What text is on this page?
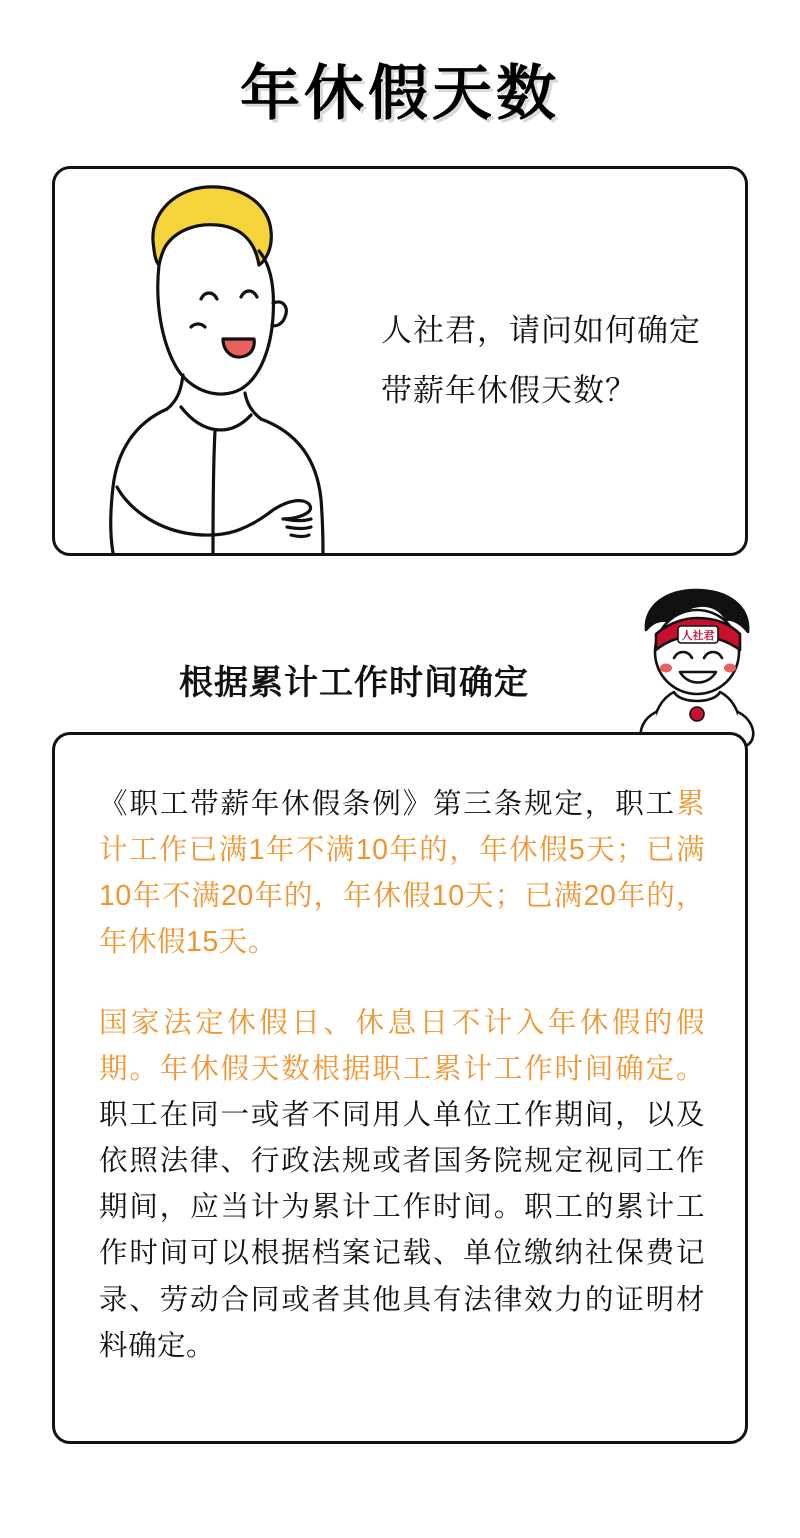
年休假天数
人社君，请问如何确定带薪年休假天数？
根据累计工作时间确定
人社君

《职工带薪年休假条例》第三条规定，职工累计工作已满1年不满10年的，年休假5天；已满10年不满20年的，年休假10天；已满20年的，年休假15天。

国家法定休假日、休息日不计入年休假的假期。年休假天数根据职工累计工作时间确定。职工在同一或者不同用人单位工作期间，以及依照法律、行政法规或者国务院规定视同工作期间，应当计为累计工作时间。职工的累计工作时间可以根据档案记载、单位缴纳社保费记录、劳动合同或者其他具有法律效力的证明材料确定。
